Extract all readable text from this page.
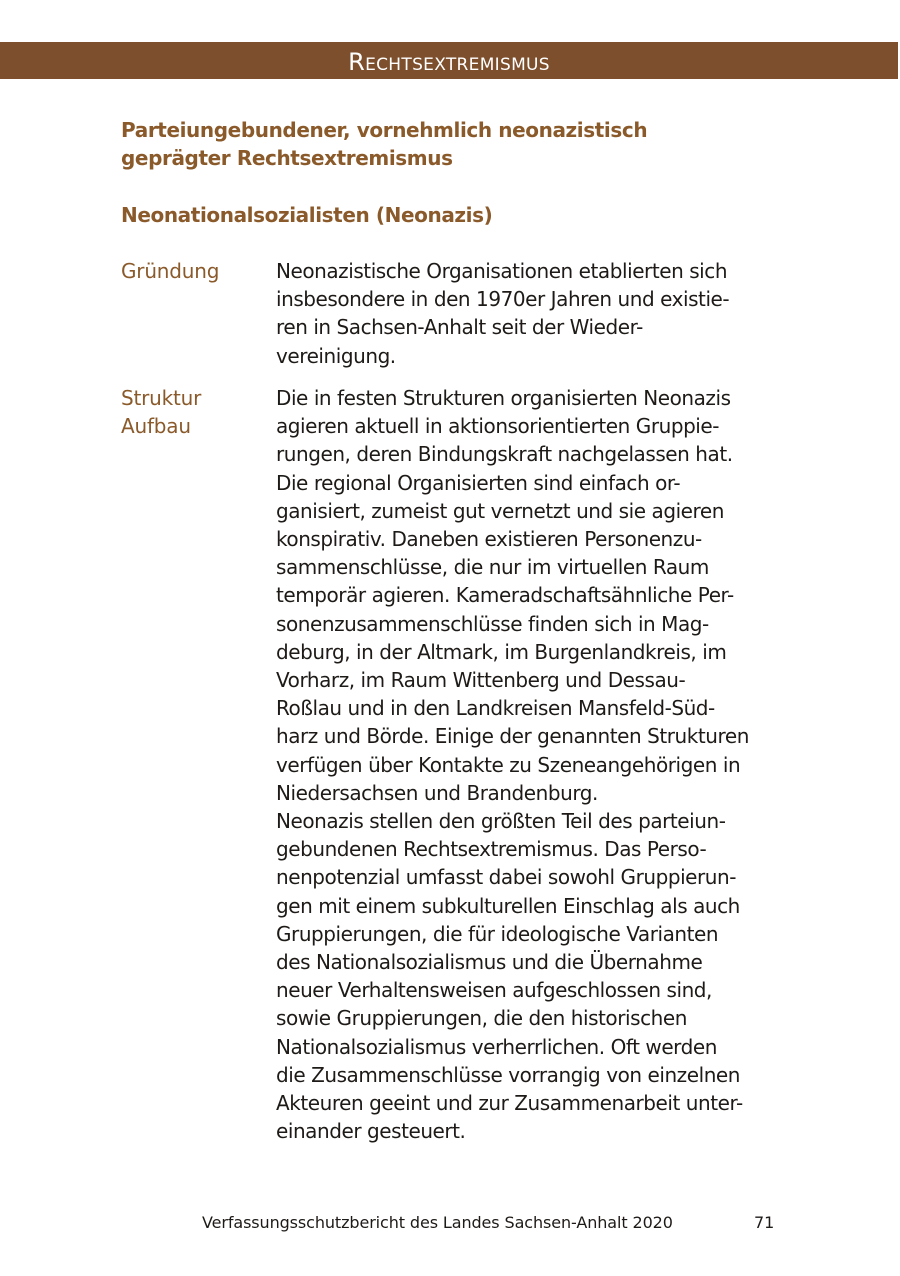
Rechtsextremismus
Parteiungebundener, vornehmlich neonazistisch
geprägter Rechtsextremismus
Neonationalsozialisten (Neonazis)
Gründung	Neonazistische Organisationen etablierten sich
insbesondere in den 1970er Jahren und existie-
ren in Sachsen-Anhalt seit der Wieder-
vereinigung.
Struktur
Aufbau
Die in festen Strukturen organisierten Neonazis
agieren aktuell in aktionsorientierten Gruppie-
rungen, deren Bindungskraft nachgelassen hat.
Die regional Organisierten sind einfach or-
ganisiert, zumeist gut vernetzt und sie agieren
konspirativ. Daneben existieren Personenzu-
sammenschlüsse, die nur im virtuellen Raum
temporär agieren. Kameradschaftsähnliche Per-
sonenzusammenschlüsse finden sich in Mag-
deburg, in der Altmark, im Burgenlandkreis, im
Vorharz, im Raum Wittenberg und Dessau-
Roßlau und in den Landkreisen Mansfeld-Süd-
harz und Börde. Einige der genannten Strukturen
verfügen über Kontakte zu Szeneangehörigen in
Niedersachsen und Brandenburg.
Neonazis stellen den größten Teil des parteiun-
gebundenen Rechtsextremismus. Das Perso-
nenpotenzial umfasst dabei sowohl Gruppierun-
gen mit einem subkulturellen Einschlag als auch
Gruppierungen, die für ideologische Varianten
des Nationalsozialismus und die Übernahme
neuer Verhaltensweisen aufgeschlossen sind,
sowie Gruppierungen, die den historischen
Nationalsozialismus verherrlichen. Oft werden
die Zusammenschlüsse vorrangig von einzelnen
Akteuren geeint und zur Zusammenarbeit unter-
einander gesteuert.
Verfassungsschutzbericht des Landes Sachsen-Anhalt 2020	71
